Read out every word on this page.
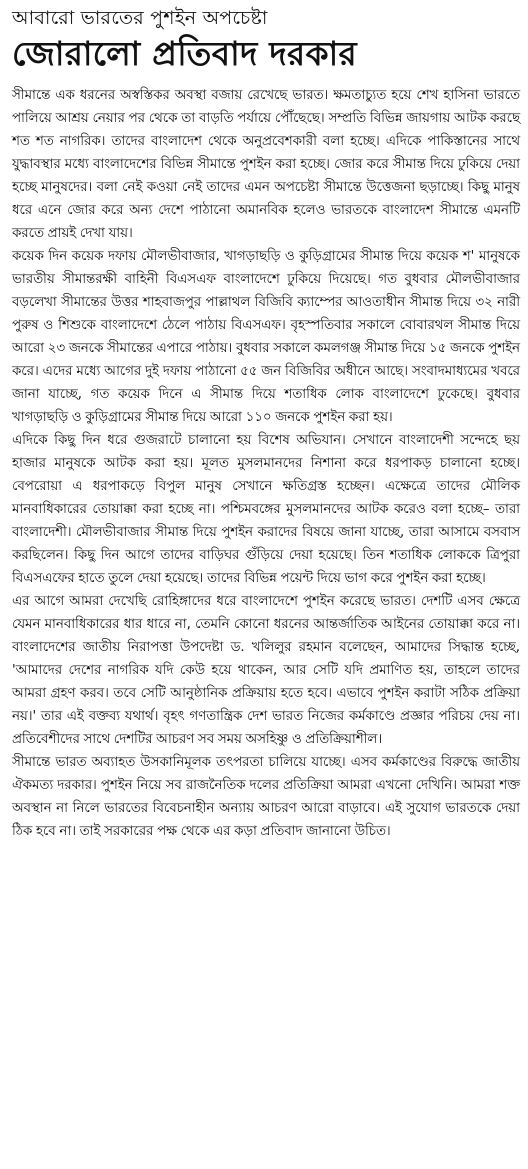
আবারো ভারতের পুশইন অপচেষ্টা
জোরালো প্রতিবাদ দরকার

সীমান্তে এক ধরনের অস্বস্তিকর অবস্থা বজায় রেখেছে ভারত। ক্ষমতাচ্যুত হয়ে শেখ হাসিনা ভারতে পালিয়ে আশ্রয় নেয়ার পর থেকে তা বাড়তি পর্যায়ে পৌঁছেছে। সম্প্রতি বিভিন্ন জায়গায় আটক করছে শত শত নাগরিক। তাদের বাংলাদেশ থেকে অনুপ্রবেশকারী বলা হচ্ছে। এদিকে পাকিস্তানের সাথে যুদ্ধাবস্থার মধ্যে বাংলাদেশের বিভিন্ন সীমান্তে পুশইন করা হচ্ছে। জোর করে সীমান্ত দিয়ে ঢুকিয়ে দেয়া হচ্ছে মানুষদের। বলা নেই কওয়া নেই তাদের এমন অপচেষ্টা সীমান্তে উত্তেজনা ছড়াচ্ছে। কিছু মানুষ ধরে এনে জোর করে অন্য দেশে পাঠানো অমানবিক হলেও ভারতকে বাংলাদেশ সীমান্তে এমনটি করতে প্রায়ই দেখা যায়।

কয়েক দিন কয়েক দফায় মৌলভীবাজার, খাগড়াছড়ি ও কুড়িগ্রামের সীমান্ত দিয়ে কয়েক শ' মানুষকে ভারতীয় সীমান্তরক্ষী বাহিনী বিএসএফ বাংলাদেশে ঢুকিয়ে দিয়েছে। গত বুধবার মৌলভীবাজার বড়লেখা সীমান্তের উত্তর শাহবাজপুর পাল্লাথল বিজিবি ক্যাম্পের আওতাধীন সীমান্ত দিয়ে ৩২ নারী পুরুষ ও শিশুকে বাংলাদেশে ঠেলে পাঠায় বিএসএফ। বৃহস্পতিবার সকালে বোবারথল সীমান্ত দিয়ে আরো ২৩ জনকে সীমান্তের এপারে পাঠায়। বুধবার সকালে কমলগঞ্জ সীমান্ত দিয়ে ১৫ জনকে পুশইন করে। এদের মধ্যে আগের দুই দফায় পাঠানো ৫৫ জন বিজিবির অধীনে আছে। সংবাদমাধ্যমের খবরে জানা যাচ্ছে, গত কয়েক দিনে এ সীমান্ত দিয়ে শতাধিক লোক বাংলাদেশে ঢুকেছে। বুধবার খাগড়াছড়ি ও কুড়িগ্রামের সীমান্ত দিয়ে আরো ১১০ জনকে পুশইন করা হয়।

এদিকে কিছু দিন ধরে গুজরাটে চালানো হয় বিশেষ অভিযান। সেখানে বাংলাদেশী সন্দেহে ছয় হাজার মানুষকে আটক করা হয়। মূলত মুসলমানদের নিশানা করে ধরপাকড় চালানো হচ্ছে। বেপরোয়া এ ধরপাকড়ে বিপুল মানুষ সেখানে ক্ষতিগ্রস্ত হচ্ছেন। এক্ষেত্রে তাদের মৌলিক মানবাধিকারের তোয়াক্কা করা হচ্ছে না। পশ্চিমবঙ্গের মুসলমানদের আটক করেও বলা হচ্ছে– তারা বাংলাদেশী। মৌলভীবাজার সীমান্ত দিয়ে পুশইন করাদের বিষয়ে জানা যাচ্ছে, তারা আসামে বসবাস করছিলেন। কিছু দিন আগে তাদের বাড়িঘর গুঁড়িয়ে দেয়া হয়েছে। তিন শতাধিক লোককে ত্রিপুরা বিএসএফের হাতে তুলে দেয়া হয়েছে। তাদের বিভিন্ন পয়েন্ট দিয়ে ভাগ করে পুশইন করা হচ্ছে।

এর আগে আমরা দেখেছি রোহিঙ্গাদের ধরে বাংলাদেশে পুশইন করেছে ভারত। দেশটি এসব ক্ষেত্রে যেমন মানবাধিকারের ধার ধারে না, তেমনি কোনো ধরনের আন্তর্জাতিক আইনের তোয়াক্কা করে না। বাংলাদেশের জাতীয় নিরাপত্তা উপদেষ্টা ড. খলিলুর রহমান বলেছেন, আমাদের সিদ্ধান্ত হচ্ছে, 'আমাদের দেশের নাগরিক যদি কেউ হয়ে থাকেন, আর সেটি যদি প্রমাণিত হয়, তাহলে তাদের আমরা গ্রহণ করব। তবে সেটি আনুষ্ঠানিক প্রক্রিয়ায় হতে হবে। এভাবে পুশইন করাটা সঠিক প্রক্রিয়া নয়।' তার এই বক্তব্য যথার্থ। বৃহৎ গণতান্ত্রিক দেশ ভারত নিজের কর্মকাণ্ডে প্রজ্ঞার পরিচয় দেয় না। প্রতিবেশীদের সাথে দেশটির আচরণ সব সময় অসহিষ্ণু ও প্রতিক্রিয়াশীল।

সীমান্তে ভারত অব্যাহত উসকানিমূলক তৎপরতা চালিয়ে যাচ্ছে। এসব কর্মকাণ্ডের বিরুদ্ধে জাতীয় ঐকমত্য দরকার। পুশইন নিয়ে সব রাজনৈতিক দলের প্রতিক্রিয়া আমরা এখনো দেখিনি। আমরা শক্ত অবস্থান না নিলে ভারতের বিবেচনাহীন অন্যায় আচরণ আরো বাড়াবে। এই সুযোগ ভারতকে দেয়া ঠিক হবে না। তাই সরকারের পক্ষ থেকে এর কড়া প্রতিবাদ জানানো উচিত।
